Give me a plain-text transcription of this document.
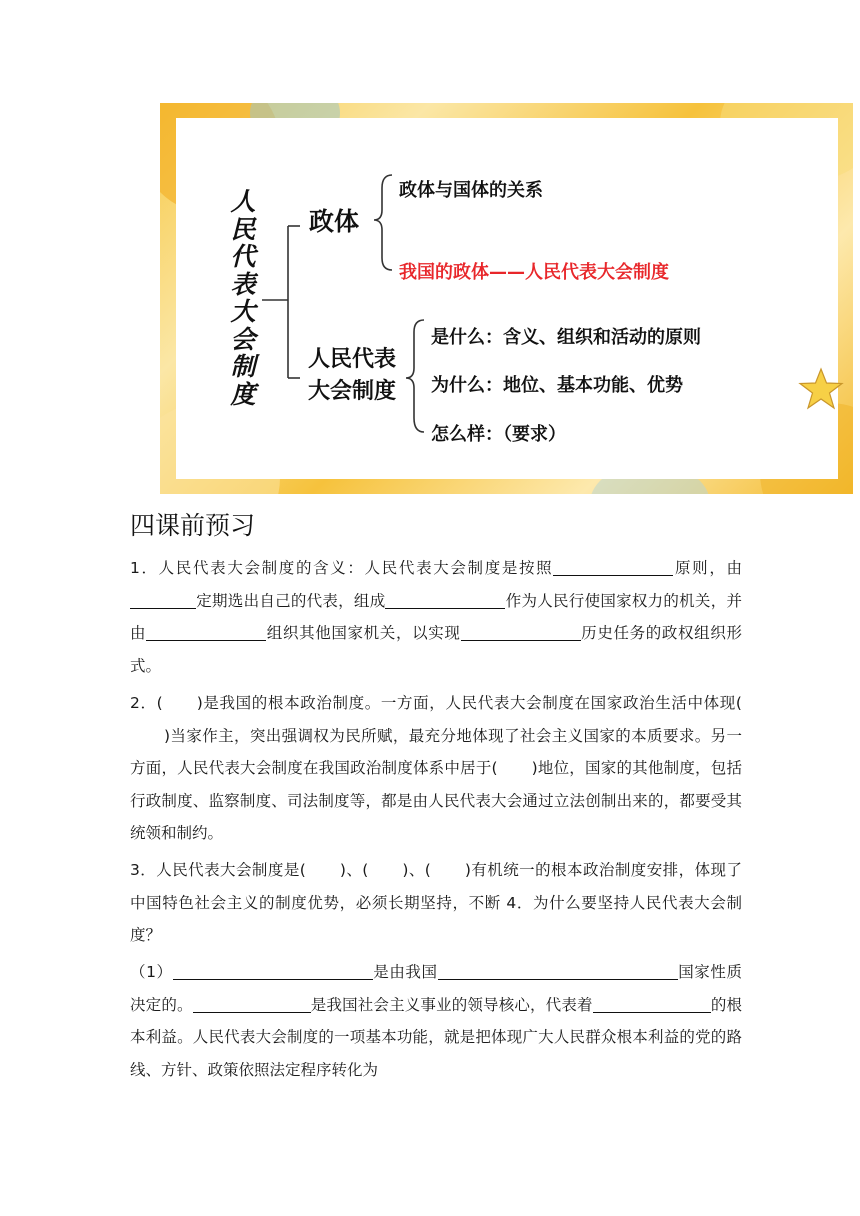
人
民
代
表
大
会
制
度
政体
政体与国体的关系
我国的政体——人民代表大会制度
人民代表
大会制度
是什么：含义、组织和活动的原则
为什么：地位、基本功能、优势
怎么样：（要求）
四课前预习

1．人民代表大会制度的含义：人民代表大会制度是按照	原则，由定期选出自己的代表，组成	作为人民行使国家权力的机关，并由	组织其他国家机关，以实现	历史任务的政权组织形式。

2．( )是我国的根本政治制度。一方面，人民代表大会制度在国家政治生活中体现()当家作主，突出强调权为民所赋，最充分地体现了社会主义国家的本质要求。另一方面，人民代表大会制度在我国政治制度体系中居于( )地位，国家的其他制度，包括行政制度、监察制度、司法制度等，都是由人民代表大会通过立法创制出来的，都要受其统领和制约。

3．人民代表大会制度是( )、( )、( )有机统一的根本政治制度安排，体现了中国特色社会主义的制度优势，必须长期坚持，不断 4．为什么要坚持人民代表大会制度？

（1）	是由我国	国家性质决定的。	是我国社会主义事业的领导核心，代表着	的根本利益。人民代表大会制度的一项基本功能，就是把体现广大人民群众根本利益的党的路线、方针、政策依照法定程序转化为
